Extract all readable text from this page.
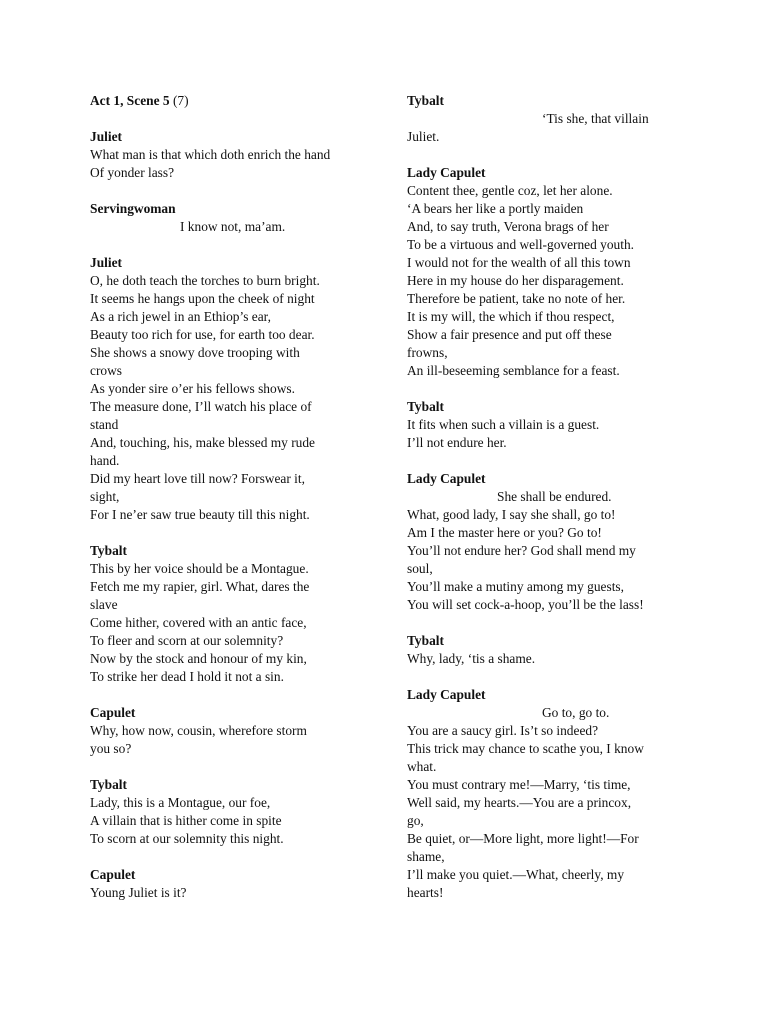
Act 1, Scene 5 (7)
Juliet
What man is that which doth enrich the hand
Of yonder lass?
Servingwoman
I know not, ma’am.
Juliet
O, he doth teach the torches to burn bright.
It seems he hangs upon the cheek of night
As a rich jewel in an Ethiop’s ear,
Beauty too rich for use, for earth too dear.
She shows a snowy dove trooping with
crows
As yonder sire o’er his fellows shows.
The measure done, I’ll watch his place of
stand
And, touching, his, make blessed my rude
hand.
Did my heart love till now? Forswear it,
sight,
For I ne’er saw true beauty till this night.
Tybalt
This by her voice should be a Montague.
Fetch me my rapier, girl. What, dares the
slave
Come hither, covered with an antic face,
To fleer and scorn at our solemnity?
Now by the stock and honour of my kin,
To strike her dead I hold it not a sin.
Capulet
Why, how now, cousin, wherefore storm
you so?
Tybalt
Lady, this is a Montague, our foe,
A villain that is hither come in spite
To scorn at our solemnity this night.
Capulet
Young Juliet is it?
Tybalt
‘Tis she, that villain
Juliet.
Lady Capulet
Content thee, gentle coz, let her alone.
‘A bears her like a portly maiden
And, to say truth, Verona brags of her
To be a virtuous and well-governed youth.
I would not for the wealth of all this town
Here in my house do her disparagement.
Therefore be patient, take no note of her.
It is my will, the which if thou respect,
Show a fair presence and put off these
frowns,
An ill-beseeming semblance for a feast.
Tybalt
It fits when such a villain is a guest.
I’ll not endure her.
Lady Capulet
She shall be endured.
What, good lady, I say she shall, go to!
Am I the master here or you? Go to!
You’ll not endure her? God shall mend my
soul,
You’ll make a mutiny among my guests,
You will set cock-a-hoop, you’ll be the lass!
Tybalt
Why, lady, ‘tis a shame.
Lady Capulet
Go to, go to.
You are a saucy girl. Is’t so indeed?
This trick may chance to scathe you, I know
what.
You must contrary me!—Marry, ‘tis time,
Well said, my hearts.—You are a princox,
go,
Be quiet, or—More light, more light!—For
shame,
I’ll make you quiet.—What, cheerly, my
hearts!
